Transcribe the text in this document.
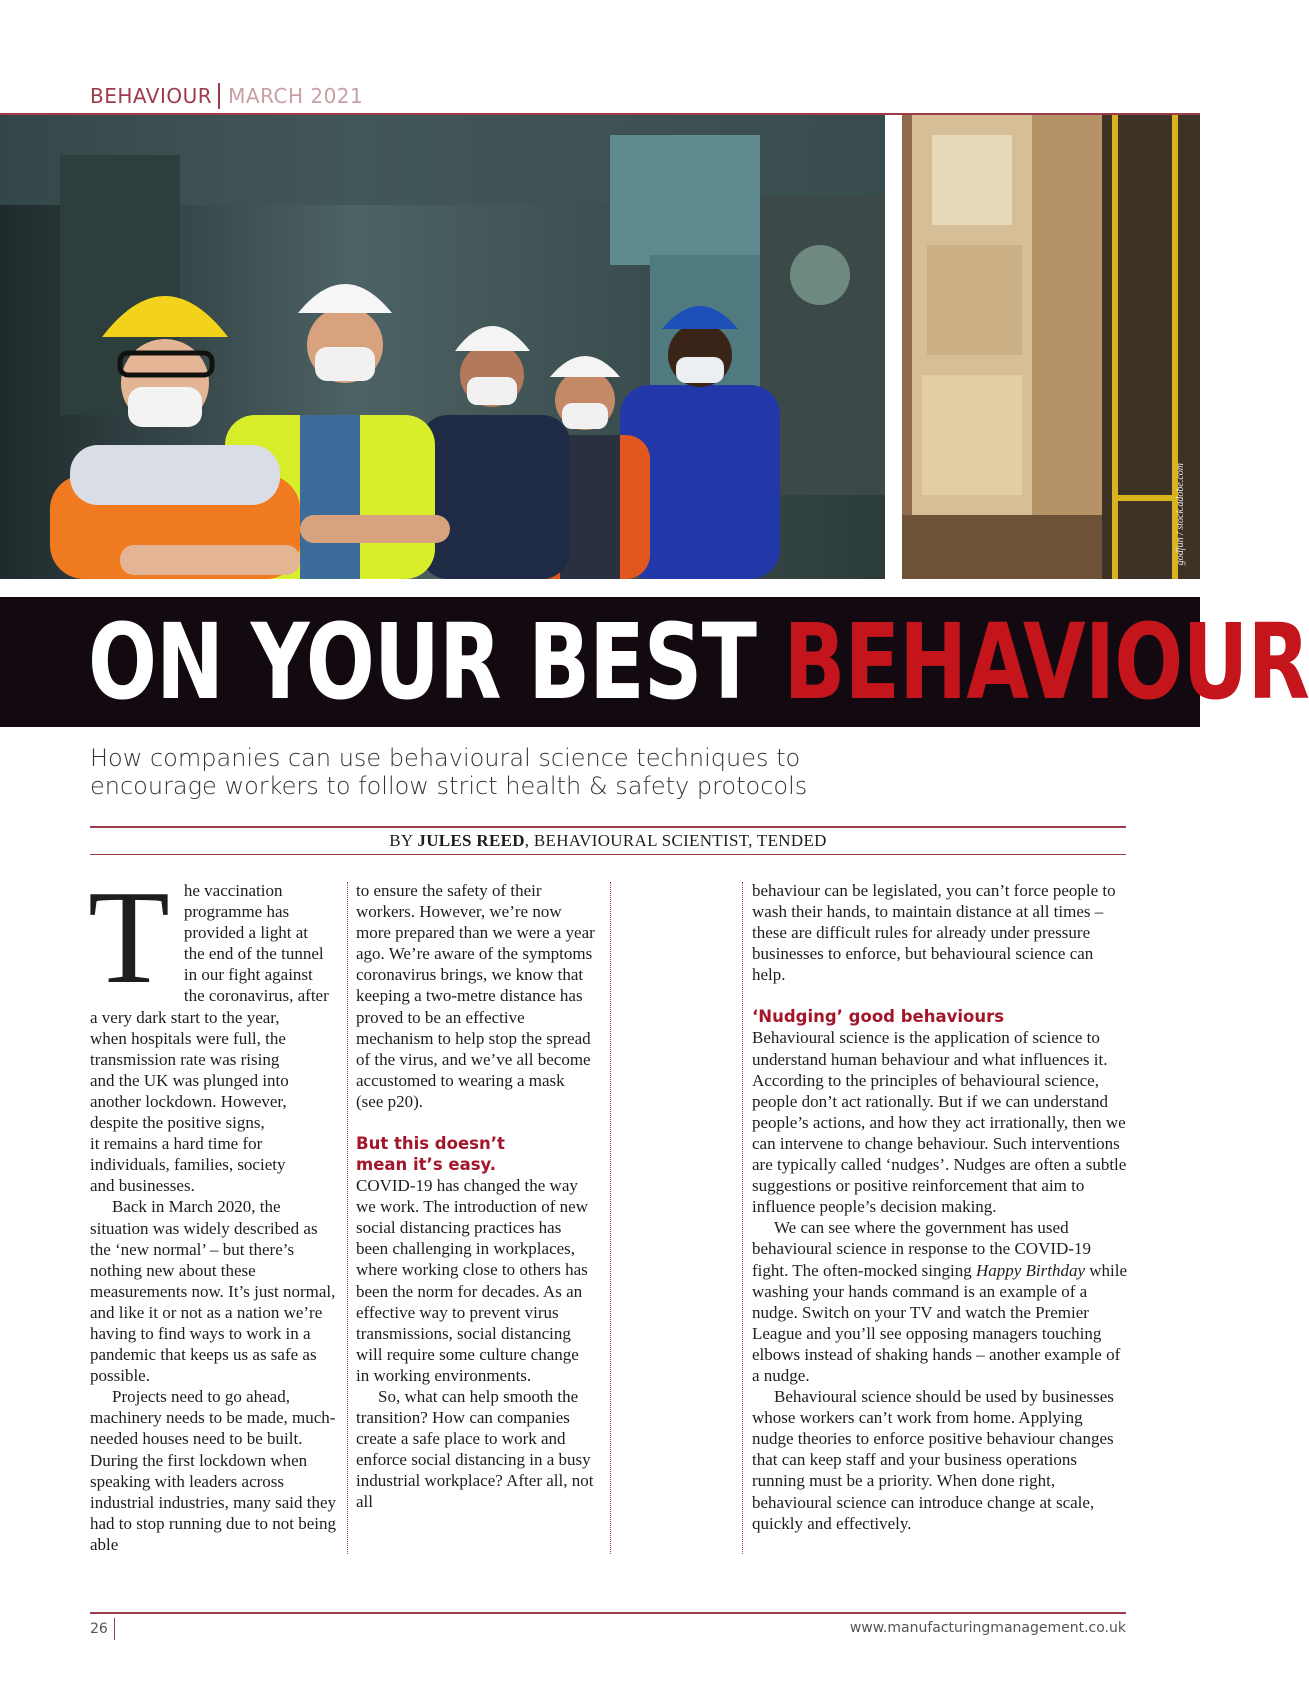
BEHAVIOUR MARCH 2021
godfun / stock.adobe.com
ON YOUR BEST BEHAVIOUR
How companies can use behavioural science techniques to
encourage workers to follow strict health & safety protocols
BY JULES REED, BEHAVIOURAL SCIENTIST, TENDED
T he vaccination
programme has
provided a light at
the end of the tunnel
in our fight against
the coronavirus, after
a very dark start to the year,
when hospitals were full, the
transmission rate was rising
and the UK was plunged into
another lockdown. However,
despite the positive signs,
it remains a hard time for
individuals, families, society
and businesses.

Back in March 2020, the situation was widely described as the ‘new normal’ – but there’s nothing new about these measurements now. It’s just normal, and like it or not as a nation we’re having to find ways to work in a pandemic that keeps us as safe as possible.

Projects need to go ahead, machinery needs to be made, much-needed houses need to be built. During the first lockdown when speaking with leaders across industrial industries, many said they had to stop running due to not being able

to ensure the safety of their workers. However, we’re now more prepared than we were a year ago. We’re aware of the symptoms coronavirus brings, we know that keeping a two-metre distance has proved to be an effective mechanism to help stop the spread of the virus, and we’ve all become accustomed to wearing a mask (see p20).

But this doesn’t
mean it’s easy.

COVID-19 has changed the way we work. The introduction of new social distancing practices has been challenging in workplaces, where working close to others has been the norm for decades. As an effective way to prevent virus transmissions, social distancing will require some culture change in working environments.

So, what can help smooth the transition? How can companies create a safe place to work and enforce social distancing in a busy industrial workplace? After all, not all

behaviour can be legislated, you can’t force people to wash their hands, to maintain distance at all times – these are difficult rules for already under pressure businesses to enforce, but behavioural science can help.

‘Nudging’ good behaviours

Behavioural science is the application of science to understand human behaviour and what influences it. According to the principles of behavioural science, people don’t act rationally. But if we can understand people’s actions, and how they act irrationally, then we can intervene to change behaviour. Such interventions are typically called ‘nudges’. Nudges are often a subtle suggestions or positive reinforcement that aim to influence people’s decision making.

We can see where the government has used behavioural science in response to the COVID-19 fight. The often-mocked singing Happy Birthday while washing your hands command is an example of a nudge. Switch on your TV and watch the Premier League and you’ll see opposing managers touching elbows instead of shaking hands – another example of a nudge.

Behavioural science should be used by businesses whose workers can’t work from home. Applying nudge theories to enforce positive behaviour changes that can keep staff and your business operations running must be a priority. When done right, behavioural science can introduce change at scale, quickly and effectively.

26	www.manufacturingmanagement.co.uk
